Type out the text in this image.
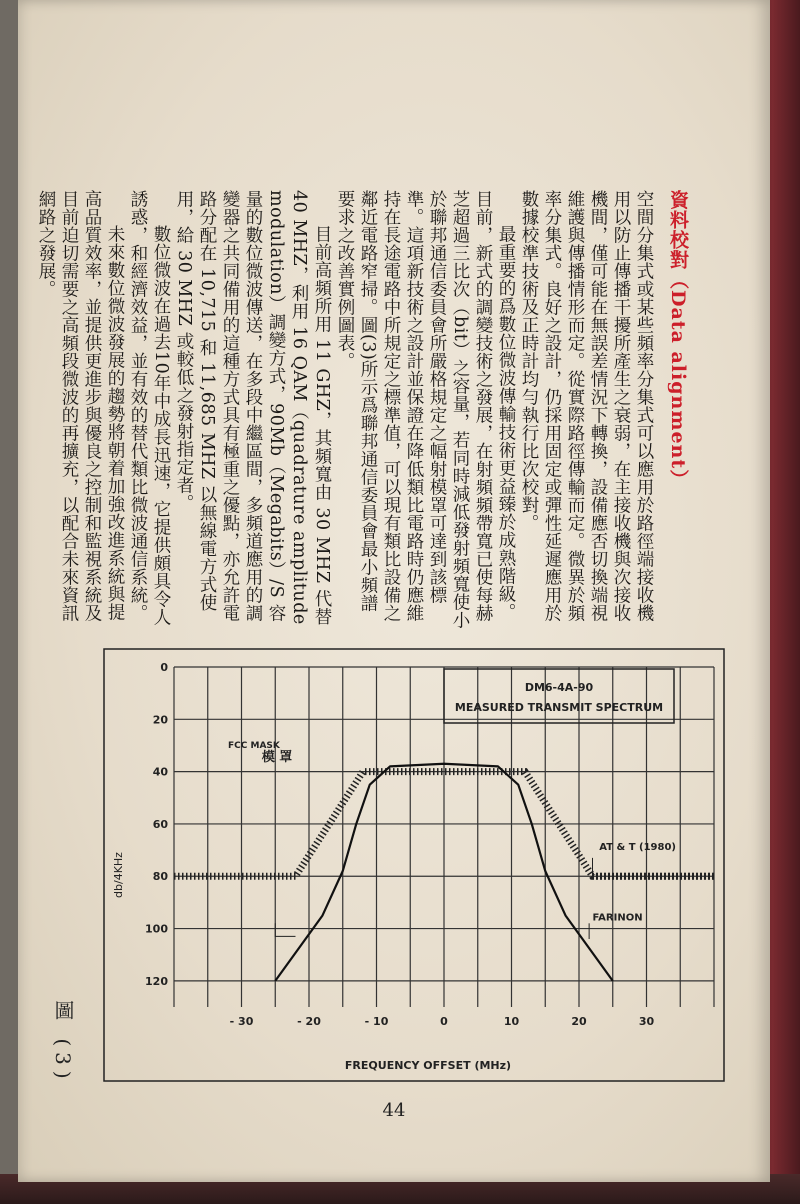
資料校對（Data alignment）

空間分集式或某些頻率分集式可以應用於路徑端接收機用以防止傳播干擾所產生之衰弱，在主接收機與次接收機間，僅可能在無誤差情況下轉換，設備應否切換端視維護與傳播情形而定。從實際路徑傳輸而定。微異於頻率分集式。良好之設計，仍採用固定或彈性延遲應用於數據校準技術及正時計均勻執行比次校對。

最重要的爲數位微波傳輸技術更益臻於成熟階級。目前，新式的調變技術之發展，在射頻頻帶寬已使每赫芝超過三比次（bit）之容量，若同時減低發射頻寬使小於聯邦通信委員會所嚴格規定之幅射模罩可達到該標準。這項新技術之設計並保證在降低類比電路時仍應維持在長途電路中所規定之標準值，可以現有類比設備之鄰近電路窄掃。圖(3)所示爲聯邦通信委員會最小頻譜要求之改善實例圖表。

目前高頻所用 11 GHZ，其頻寬由 30 MHZ 代替 40 MHZ，利用 16 QAM（quadrature amplitude modulation）調變方式，90Mb（Megabits）/S 容量的數位微波傳送，在多段中繼區間，多頻道應用的調變器之共同備用的這種方式具有極重之優點，亦允許電路分配在 10,715 和 11,685 MHZ 以無線電方式使用，給 30 MHZ 或較低之發射指定者。

數位微波在過去10年中成長迅速，它提供頗具令人誘惑，和經濟效益，並有效的替代類比微波通信系統。

未來數位微波發展的趨勢將朝着加強改進系統與提高品質效率，並提供更進步與優良之控制和監視系統及目前迫切需要之高頻段微波的再擴充，以配合未來資訊網路之發展。

0
20
40
60
80
100
120
- 30	- 20	- 10	0	10	20	30
FCC MASK
模 罩
AT & T (1980)
FARINON
DM6-4A-90
MEASURED TRANSMIT SPECTRUM
FREQUENCY OFFSET (MHz)
db/4KHz
圖 (3)
44
